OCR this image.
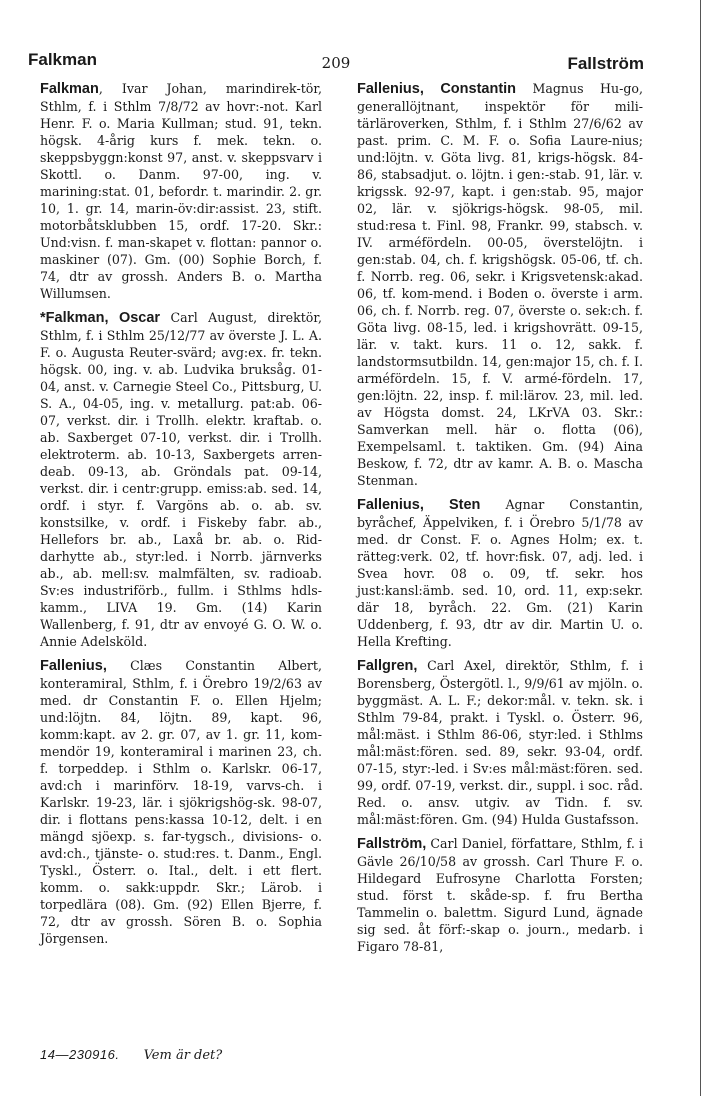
Falkman	209	Fallström

Falkman, Ivar Johan, marindirek-tör, Sthlm, f. i Sthlm 7/8/72 av hovr:-not. Karl Henr. F. o. Maria Kullman; stud. 91, tekn. högsk. 4-årig kurs f. mek. tekn. o. skeppsbyggn:konst 97, anst. v. skeppsvarv i Skottl. o. Danm. 97-00, ing. v. marining:stat. 01, befordr. t. marindir. 2. gr. 10, 1. gr. 14, marin-öv:dir:assist. 23, stift. motorbåtsklubben 15, ordf. 17-20. Skr.: Und:visn. f. man-skapet v. flottan: pannor o. maskiner (07). Gm. (00) Sophie Borch, f. 74, dtr av grossh. Anders B. o. Martha Willumsen.

*Falkman, Oscar Carl August, direktör, Sthlm, f. i Sthlm 25/12/77 av överste J. L. A. F. o. Augusta Reuter-svärd; avg:ex. fr. tekn. högsk. 00, ing. v. ab. Ludvika bruksåg. 01-04, anst. v. Carnegie Steel Co., Pittsburg, U. S. A., 04-05, ing. v. metallurg. pat:ab. 06-07, verkst. dir. i Trollh. elektr. kraftab. o. ab. Saxberget 07-10, verkst. dir. i Trollh. elektroterm. ab. 10-13, Saxbergets arren-deab. 09-13, ab. Gröndals pat. 09-14, verkst. dir. i centr:grupp. emiss:ab. sed. 14, ordf. i styr. f. Vargöns ab. o. ab. sv. konstsilke, v. ordf. i Fiskeby fabr. ab., Hellefors br. ab., Laxå br. ab. o. Rid-darhytte ab., styr:led. i Norrb. järnverks ab., ab. mell:sv. malmfälten, sv. radioab. Sv:es industriförb., fullm. i Sthlms hdls-kamm., LIVA 19. Gm. (14) Karin Wallenberg, f. 91, dtr av envoyé G. O. W. o. Annie Adelsköld.

Fallenius, Clæs Constantin Albert, konteramiral, Sthlm, f. i Örebro 19/2/63 av med. dr Constantin F. o. Ellen Hjelm; und:löjtn. 84, löjtn. 89, kapt. 96, komm:kapt. av 2. gr. 07, av 1. gr. 11, kom-mendör 19, konteramiral i marinen 23, ch. f. torpeddep. i Sthlm o. Karlskr. 06-17, avd:ch i marinförv. 18-19, varvs-ch. i Karlskr. 19-23, lär. i sjökrigshög-sk. 98-07, dir. i flottans pens:kassa 10-12, delt. i en mängd sjöexp. s. far-tygsch., divisions- o. avd:ch., tjänste- o. stud:res. t. Danm., Engl. Tyskl., Österr. o. Ital., delt. i ett flert. komm. o. sakk:uppdr. Skr.; Lärob. i torpedlära (08). Gm. (92) Ellen Bjerre, f. 72, dtr av grossh. Sören B. o. Sophia Jörgensen.

Fallenius, Constantin Magnus Hu-go, generallöjtnant, inspektör för mili-tärläroverken, Sthlm, f. i Sthlm 27/6/62 av past. prim. C. M. F. o. Sofia Laure-nius; und:löjtn. v. Göta livg. 81, krigs-högsk. 84-86, stabsadjut. o. löjtn. i gen:-stab. 91, lär. v. krigssk. 92-97, kapt. i gen:stab. 95, major 02, lär. v. sjökrigs-högsk. 98-05, mil. stud:resa t. Finl. 98, Frankr. 99, stabsch. v. IV. arméfördeln. 00-05, överstelöjtn. i gen:stab. 04, ch. f. krigshögsk. 05-06, tf. ch. f. Norrb. reg. 06, sekr. i Krigsvetensk:akad. 06, tf. kom-mend. i Boden o. överste i arm. 06, ch. f. Norrb. reg. 07, överste o. sek:ch. f. Göta livg. 08-15, led. i krigshovrätt. 09-15, lär. v. takt. kurs. 11 o. 12, sakk. f. landstormsutbildn. 14, gen:major 15, ch. f. I. arméfördeln. 15, f. V. armé-fördeln. 17, gen:löjtn. 22, insp. f. mil:lärov. 23, mil. led. av Högsta domst. 24, LKrVA 03. Skr.: Samverkan mell. här o. flotta (06), Exempelsaml. t. taktiken. Gm. (94) Aina Beskow, f. 72, dtr av kamr. A. B. o. Mascha Stenman.

Fallenius, Sten Agnar Constantin, byråchef, Äppelviken, f. i Örebro 5/1/78 av med. dr Const. F. o. Agnes Holm; ex. t. rätteg:verk. 02, tf. hovr:fisk. 07, adj. led. i Svea hovr. 08 o. 09, tf. sekr. hos just:kansl:ämb. sed. 10, ord. 11, exp:sekr. där 18, byråch. 22. Gm. (21) Karin Uddenberg, f. 93, dtr av dir. Martin U. o. Hella Krefting.

Fallgren, Carl Axel, direktör, Sthlm, f. i Borensberg, Östergötl. l., 9/9/61 av mjöln. o. byggmäst. A. L. F.; dekor:mål. v. tekn. sk. i Sthlm 79-84, prakt. i Tyskl. o. Österr. 96, mål:mäst. i Sthlm 86-06, styr:led. i Sthlms mål:mäst:fören. sed. 89, sekr. 93-04, ordf. 07-15, styr:-led. i Sv:es mål:mäst:fören. sed. 99, ordf. 07-19, verkst. dir., suppl. i soc. råd. Red. o. ansv. utgiv. av Tidn. f. sv. mål:mäst:fören. Gm. (94) Hulda Gustafsson.

Fallström, Carl Daniel, författare, Sthlm, f. i Gävle 26/10/58 av grossh. Carl Thure F. o. Hildegard Eufrosyne Charlotta Forsten; stud. först t. skåde-sp. f. fru Bertha Tammelin o. balettm. Sigurd Lund, ägnade sig sed. åt förf:-skap o. journ., medarb. i Figaro 78-81,

14—230916. Vem är det?
